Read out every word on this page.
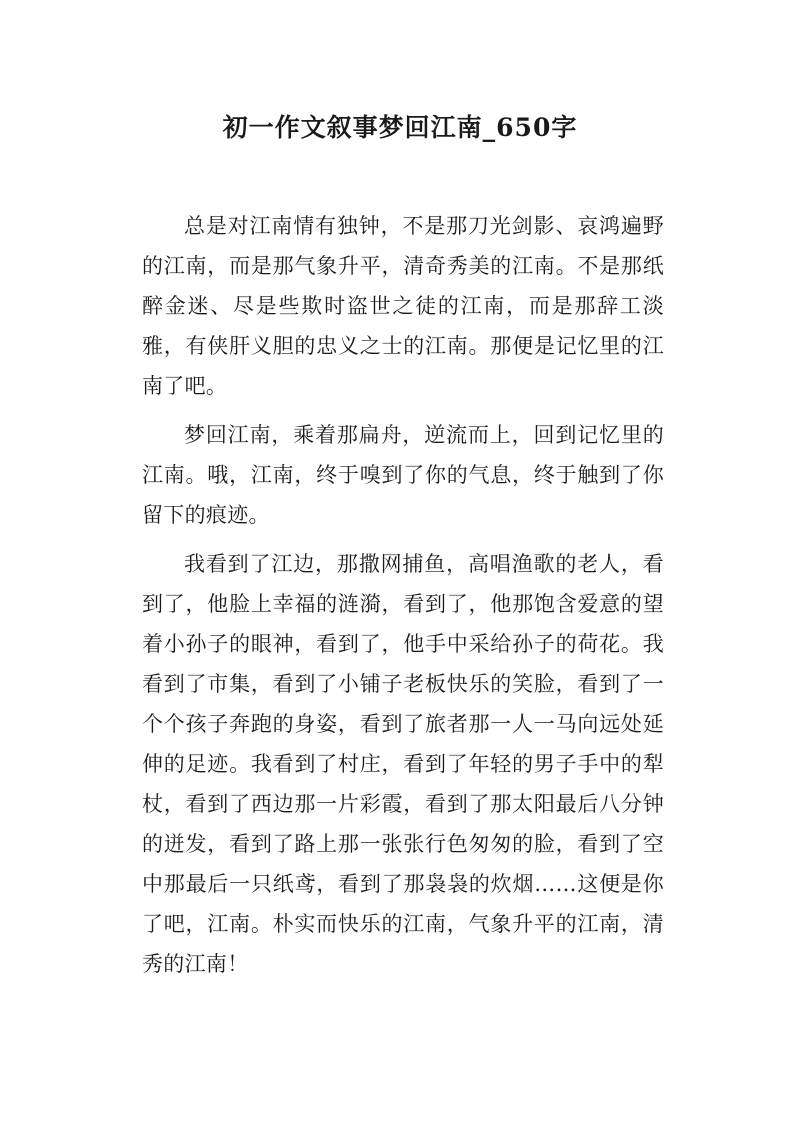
初一作文叙事梦回江南_650字

总是对江南情有独钟，不是那刀光剑影、哀鸿遍野的江南，而是那气象升平，清奇秀美的江南。不是那纸醉金迷、尽是些欺时盗世之徒的江南，而是那辞工淡雅，有侠肝义胆的忠义之士的江南。那便是记忆里的江南了吧。

梦回江南，乘着那扁舟，逆流而上，回到记忆里的江南。哦，江南，终于嗅到了你的气息，终于触到了你留下的痕迹。

我看到了江边，那撒网捕鱼，高唱渔歌的老人，看到了，他脸上幸福的涟漪，看到了，他那饱含爱意的望着小孙子的眼神，看到了，他手中采给孙子的荷花。我看到了市集，看到了小铺子老板快乐的笑脸，看到了一个个孩子奔跑的身姿，看到了旅者那一人一马向远处延伸的足迹。我看到了村庄，看到了年轻的男子手中的犁杖，看到了西边那一片彩霞，看到了那太阳最后八分钟的迸发，看到了路上那一张张行色匆匆的脸，看到了空中那最后一只纸鸢，看到了那袅袅的炊烟……这便是你了吧，江南。朴实而快乐的江南，气象升平的江南，清秀的江南！
